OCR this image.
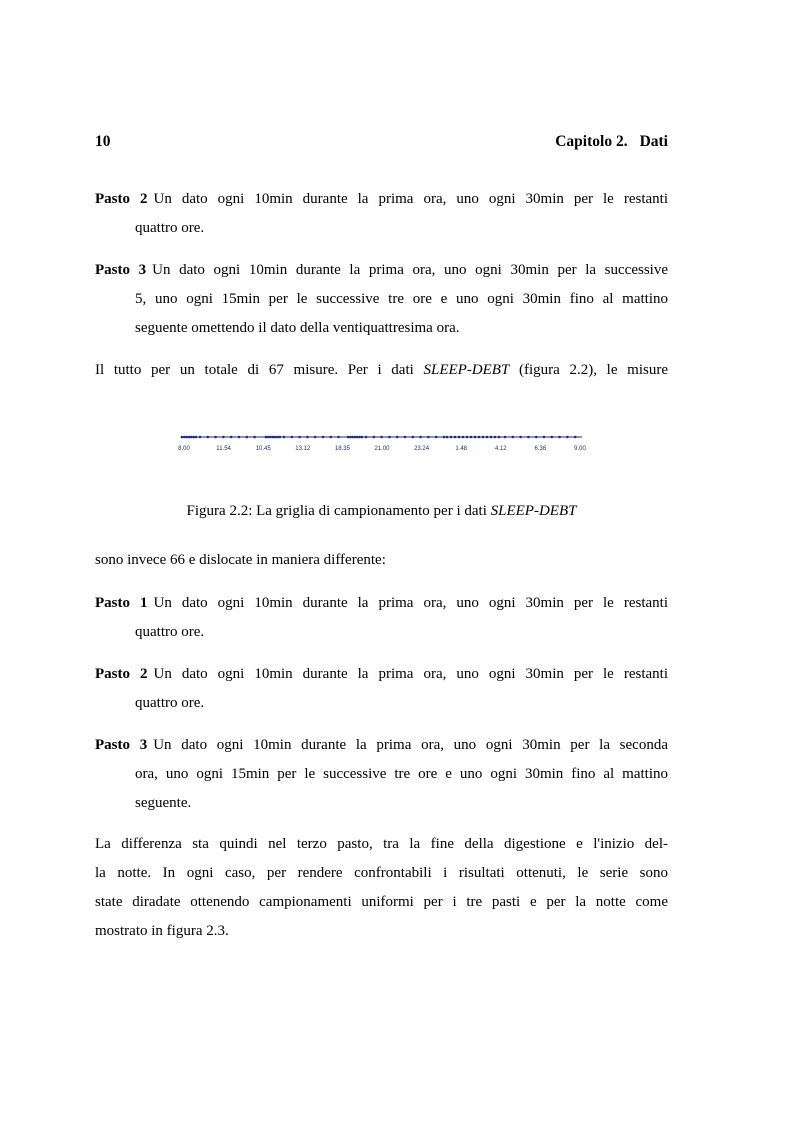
10	Capitolo 2. Dati
Pasto 2 Un dato ogni 10min durante la prima ora, uno ogni 30min per le restanti
quattro ore.
Pasto 3 Un dato ogni 10min durante la prima ora, uno ogni 30min per la successive
5, uno ogni 15min per le successive tre ore e uno ogni 30min fino al mattino
seguente omettendo il dato della ventiquattresima ora.
Il tutto per un totale di 67 misure. Per i dati SLEEP-DEBT (figura 2.2), le misure
8.00	11.54	10.45	13.12	18.35	21.00	23.24	1.48	4.12	6.36	9.00
Figura 2.2: La griglia di campionamento per i dati SLEEP-DEBT
sono invece 66 e dislocate in maniera differente:
Pasto 1 Un dato ogni 10min durante la prima ora, uno ogni 30min per le restanti
quattro ore.
Pasto 2 Un dato ogni 10min durante la prima ora, uno ogni 30min per le restanti
quattro ore.
Pasto 3 Un dato ogni 10min durante la prima ora, uno ogni 30min per la seconda
ora, uno ogni 15min per le successive tre ore e uno ogni 30min fino al mattino
seguente.
La differenza sta quindi nel terzo pasto, tra la fine della digestione e l'inizio del-
la notte. In ogni caso, per rendere confrontabili i risultati ottenuti, le serie sono
state diradate ottenendo campionamenti uniformi per i tre pasti e per la notte come
mostrato in figura 2.3.
